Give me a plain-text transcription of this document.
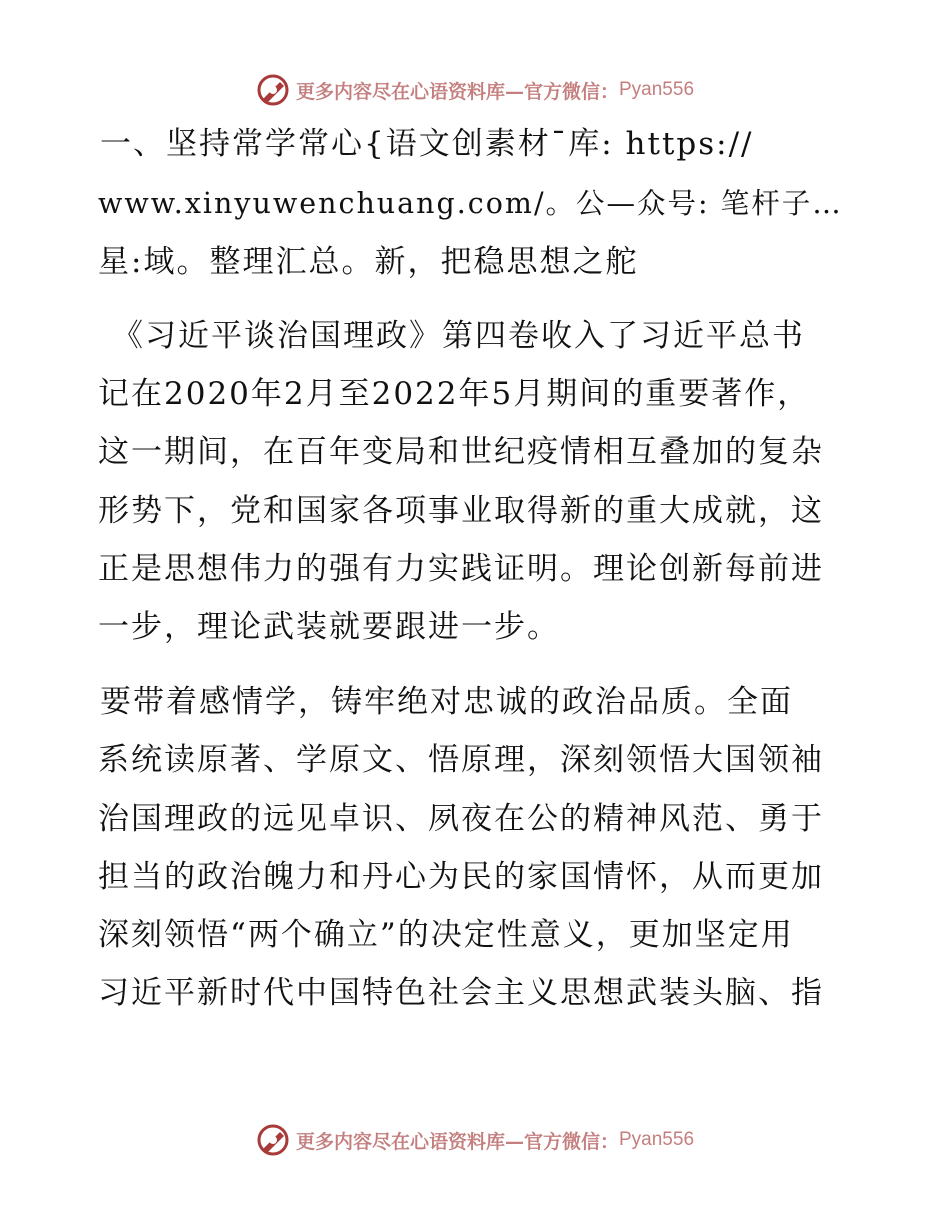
更多内容尽在心语资料库—官方微信： Pyan556
一、坚持常学常心{语文创素材¯库: https://
www.xinyuwenchuang.com/。公—众号: 笔杆子…
星:域。整理汇总。新，把稳思想之舵
《习近平谈治国理政》第四卷收入了习近平总书
记在2020年2月至2022年5月期间的重要著作，
这一期间，在百年变局和世纪疫情相互叠加的复杂
形势下，党和国家各项事业取得新的重大成就，这
正是思想伟力的强有力实践证明。理论创新每前进
一步，理论武装就要跟进一步。
要带着感情学，铸牢绝对忠诚的政治品质。全面
系统读原著、学原文、悟原理，深刻领悟大国领袖
治国理政的远见卓识、夙夜在公的精神风范、勇于
担当的政治魄力和丹心为民的家国情怀，从而更加
深刻领悟“两个确立”的决定性意义，更加坚定用
习近平新时代中国特色社会主义思想武装头脑、指
更多内容尽在心语资料库—官方微信： Pyan556
